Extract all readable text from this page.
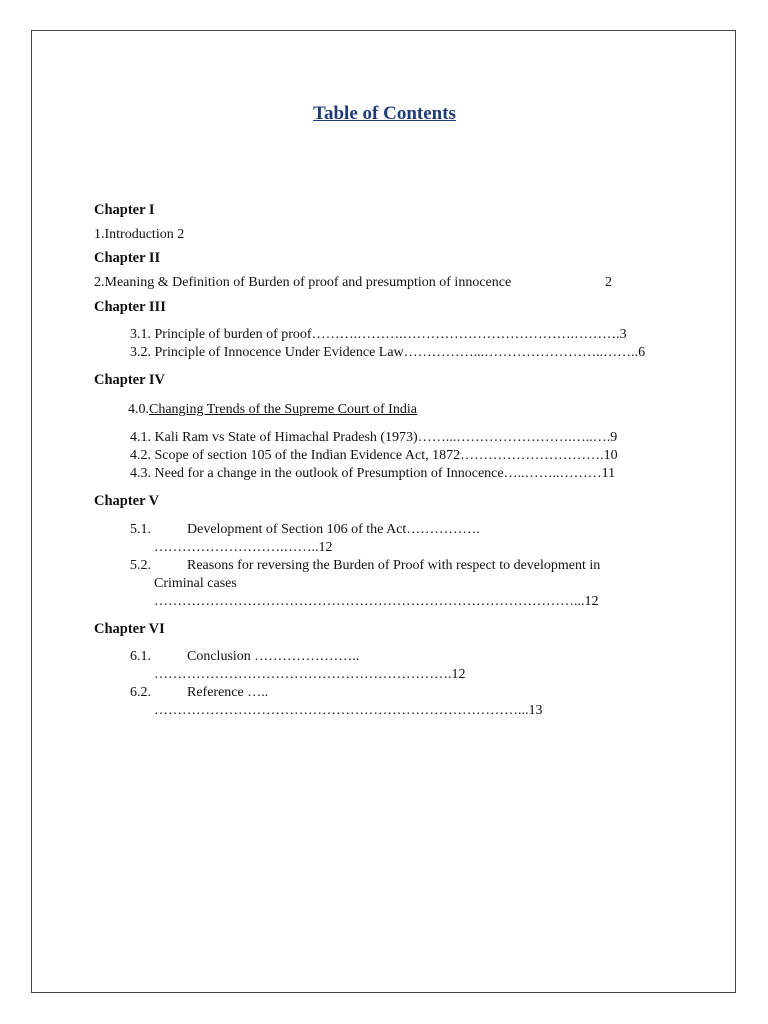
Table of Contents
Chapter I
1.Introduction 2
Chapter II
2.Meaning & Definition of Burden of proof and presumption of innocence	2
Chapter III
3.1. Principle of burden of proof……….……….……………………………….……….3
3.2. Principle of Innocence Under Evidence Law……………...……………………..……..6
Chapter IV
4.0.Changing Trends of the Supreme Court of India
4.1. Kali Ram vs State of Himachal Pradesh (1973)……...…………………….…..….9
4.2. Scope of section 105 of the Indian Evidence Act, 1872………………………….10
4.3. Need for a change in the outlook of Presumption of Innocence…..……..………11
Chapter V
5.1.	Development of Section 106 of the Act…………….
……………………….……..12
5.2.	Reasons for reversing the Burden of Proof with respect to development in
Criminal cases
………………………………………………………………………………...12
Chapter VI
6.1.	Conclusion …………………..
……………………………………………………….12
6.2.	Reference …..
……………………………………………………………………...13
